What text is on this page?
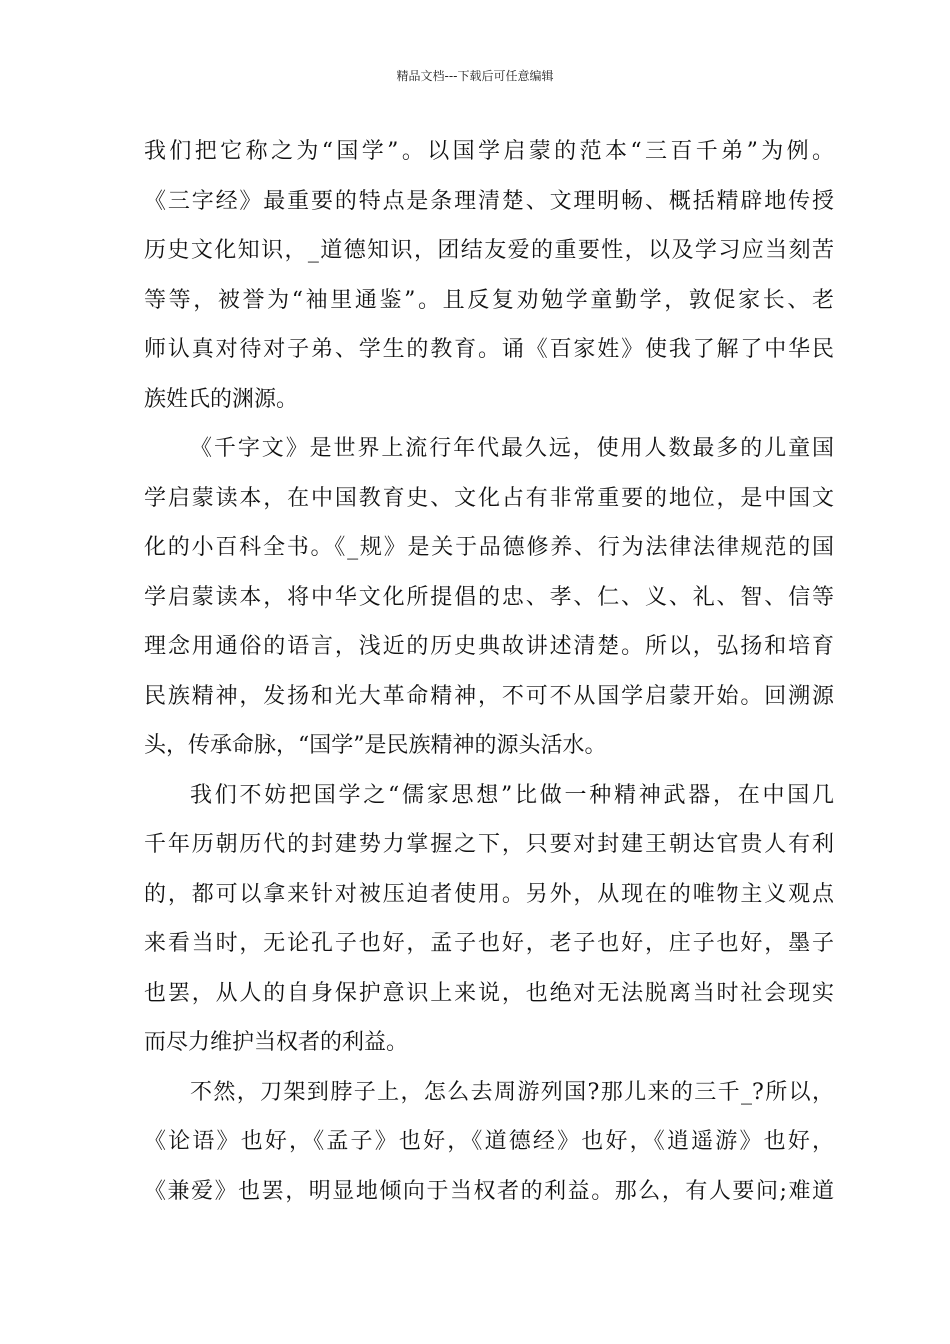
精品文档---下载后可任意编辑
我们把它称之为“国学”。以国学启蒙的范本“三百千弟”为例。
《三字经》最重要的特点是条理清楚、文理明畅、概括精辟地传授
历史文化知识，_道德知识，团结友爱的重要性，以及学习应当刻苦
等等，被誉为“袖里通鉴”。且反复劝勉学童勤学，敦促家长、老
师认真对待对子弟、学生的教育。诵《百家姓》使我了解了中华民
族姓氏的渊源。
《千字文》是世界上流行年代最久远，使用人数最多的儿童国
学启蒙读本，在中国教育史、文化占有非常重要的地位，是中国文
化的小百科全书。《_规》是关于品德修养、行为法律法律规范的国
学启蒙读本，将中华文化所提倡的忠、孝、仁、义、礼、智、信等
理念用通俗的语言，浅近的历史典故讲述清楚。所以，弘扬和培育
民族精神，发扬和光大革命精神，不可不从国学启蒙开始。回溯源
头，传承命脉，“国学”是民族精神的源头活水。
我们不妨把国学之“儒家思想”比做一种精神武器，在中国几
千年历朝历代的封建势力掌握之下，只要对封建王朝达官贵人有利
的，都可以拿来针对被压迫者使用。另外，从现在的唯物主义观点
来看当时，无论孔子也好，孟子也好，老子也好，庄子也好，墨子
也罢，从人的自身保护意识上来说，也绝对无法脱离当时社会现实
而尽力维护当权者的利益。
不然，刀架到脖子上，怎么去周游列国?那儿来的三千_?所以，
《论语》也好，《孟子》也好，《道德经》也好，《逍遥游》也好，
《兼爱》也罢，明显地倾向于当权者的利益。那么，有人要问;难道
